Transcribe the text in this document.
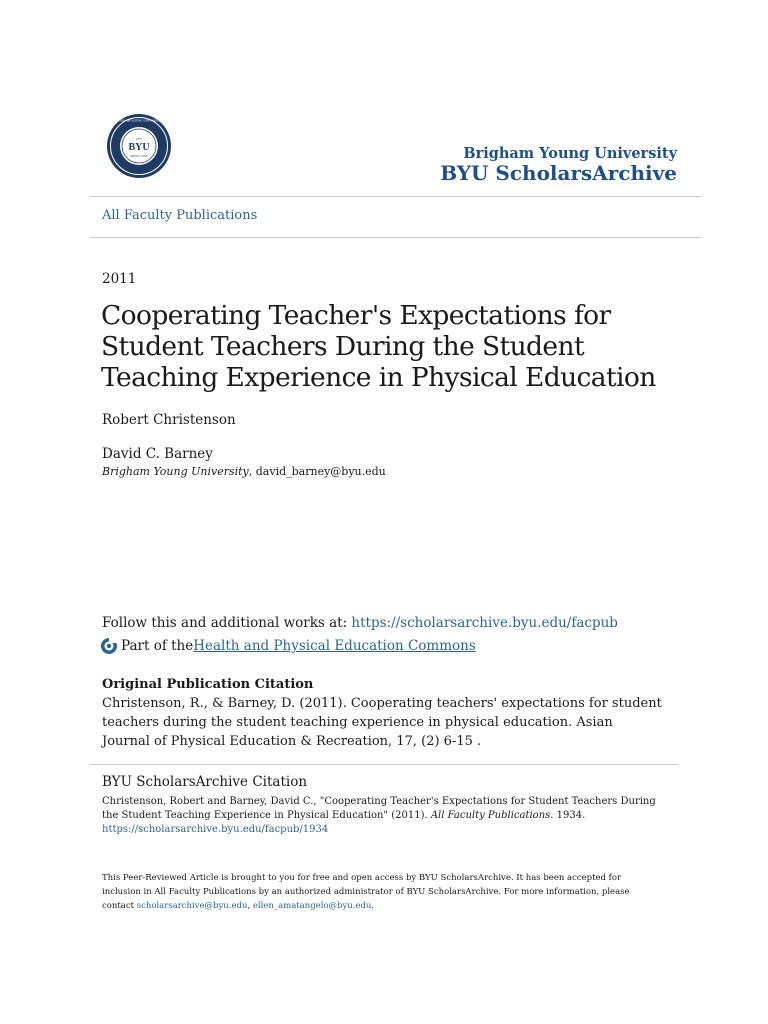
BYU
1875
PROVO, UTAH
BRIGHAM YOUNG UNIVERSITY
Brigham Young University
BYU ScholarsArchive
All Faculty Publications
2011
Cooperating Teacher's Expectations for Student Teachers During the Student Teaching Experience in Physical Education
Robert Christenson
David C. Barney
Brigham Young University, david_barney@byu.edu
Follow this and additional works at: https://scholarsarchive.byu.edu/facpub
Part of the Health and Physical Education Commons
Original Publication Citation
Christenson, R., & Barney, D. (2011). Cooperating teachers' expectations for student teachers during the student teaching experience in physical education. Asian Journal of Physical Education & Recreation, 17, (2) 6-15 .
BYU ScholarsArchive Citation
Christenson, Robert and Barney, David C., "Cooperating Teacher's Expectations for Student Teachers During the Student Teaching Experience in Physical Education" (2011). All Faculty Publications. 1934.
https://scholarsarchive.byu.edu/facpub/1934
This Peer-Reviewed Article is brought to you for free and open access by BYU ScholarsArchive. It has been accepted for inclusion in All Faculty Publications by an authorized administrator of BYU ScholarsArchive. For more information, please contact scholarsarchive@byu.edu, ellen_amatangelo@byu.edu.
